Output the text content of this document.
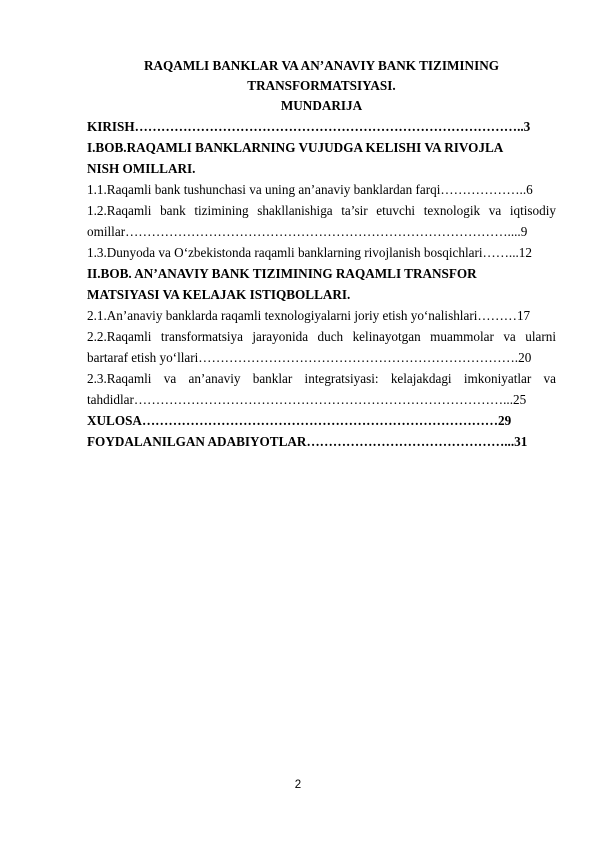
RAQAMLI BANKLAR VA AN’ANAVIY BANK TIZIMINING

TRANSFORMATSIYASI.

MUNDARIJA

KIRISH……………………………………………………………………………..3
I.BOB.RAQAMLI BANKLARNING VUJUDGA KELISHI VA RIVOJLA
NISH OMILLARI.
1.1.Raqamli bank tushunchasi va uning an’anaviy banklardan farqi………………..6
1.2.Raqamli bank tizimining shakllanishiga ta’sir etuvchi texnologik va iqtisodiy
omillar……………………………………………………………………………....9
1.3.Dunyoda va O‘zbekistonda raqamli banklarning rivojlanish bosqichlari……...12
II.BOB. AN’ANAVIY BANK TIZIMINING RAQAMLI TRANSFOR
MATSIYASI VA KELAJAK ISTIQBOLLARI.
2.1.An’anaviy banklarda raqamli texnologiyalarni joriy etish yo‘nalishlari………17
2.2.Raqamli transformatsiya jarayonida duch kelinayotgan muammolar va ularni
bartaraf etish yo‘llari……………………………………………………………….20
2.3.Raqamli va an’anaviy banklar integratsiyasi: kelajakdagi imkoniyatlar va
tahdidlar…………………………………………………………………………...25
XULOSA………………………………………………………………………29
FOYDALANILGAN ADABIYOTLAR………………………………………...31
2
